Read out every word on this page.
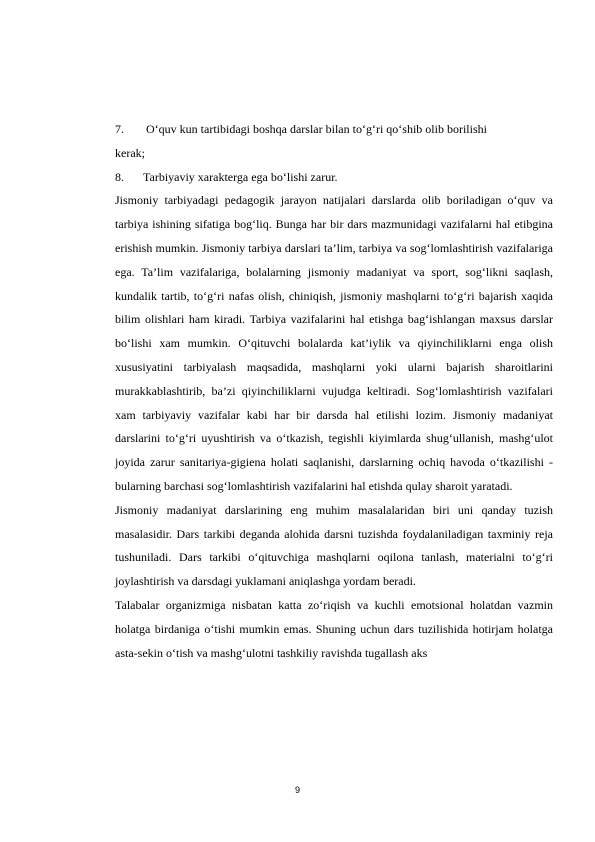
7.	O‘quv kun tartibidagi boshqa darslar bilan to‘g‘ri qo‘shib olib borilishi
kerak;
8.	Tarbiyaviy xarakterga ega bo‘lishi zarur.

Jismoniy tarbiyadagi pedagogik jarayon natijalari darslarda olib boriladigan o‘quv va tarbiya ishining sifatiga bog‘liq. Bunga har bir dars mazmunidagi vazifalarni hal etibgina erishish mumkin. Jismoniy tarbiya darslari ta’lim, tarbiya va sog‘lomlashtirish vazifalariga ega. Ta’lim vazifalariga, bolalarning jismoniy madaniyat va sport, sog‘likni saqlash, kundalik tartib, to‘g‘ri nafas olish, chiniqish, jismoniy mashqlarni to‘g‘ri bajarish xaqida bilim olishlari ham kiradi. Tarbiya vazifalarini hal etishga bag‘ishlangan maxsus darslar bo‘lishi xam mumkin. O‘qituvchi bolalarda kat’iylik va qiyinchiliklarni enga olish xususiyatini tarbiyalash maqsadida, mashqlarni yoki ularni bajarish sharoitlarini murakkablashtirib, ba’zi qiyinchiliklarni vujudga keltiradi. Sog‘lomlashtirish vazifalari xam tarbiyaviy vazifalar kabi har bir darsda hal etilishi lozim. Jismoniy madaniyat darslarini to‘g‘ri uyushtirish va o‘tkazish, tegishli kiyimlarda shug‘ullanish, mashg‘ulot joyida zarur sanitariya-gigiena holati saqlanishi, darslarning ochiq havoda o‘tkazilishi - bularning barchasi sog‘lomlashtirish vazifalarini hal etishda qulay sharoit yaratadi.

Jismoniy madaniyat darslarining eng muhim masalalaridan biri uni qanday tuzish masalasidir. Dars tarkibi deganda alohida darsni tuzishda foydalaniladigan taxminiy reja tushuniladi. Dars tarkibi o‘qituvchiga mashqlarni oqilona tanlash, materialni to‘g‘ri joylashtirish va darsdagi yuklamani aniqlashga yordam beradi.

Talabalar organizmiga nisbatan katta zo‘riqish va kuchli emotsional holatdan vazmin holatga birdaniga o‘tishi mumkin emas. Shuning uchun dars tuzilishida hotirjam holatga asta-sekin o‘tish va mashg‘ulotni tashkiliy ravishda tugallash aks

9
